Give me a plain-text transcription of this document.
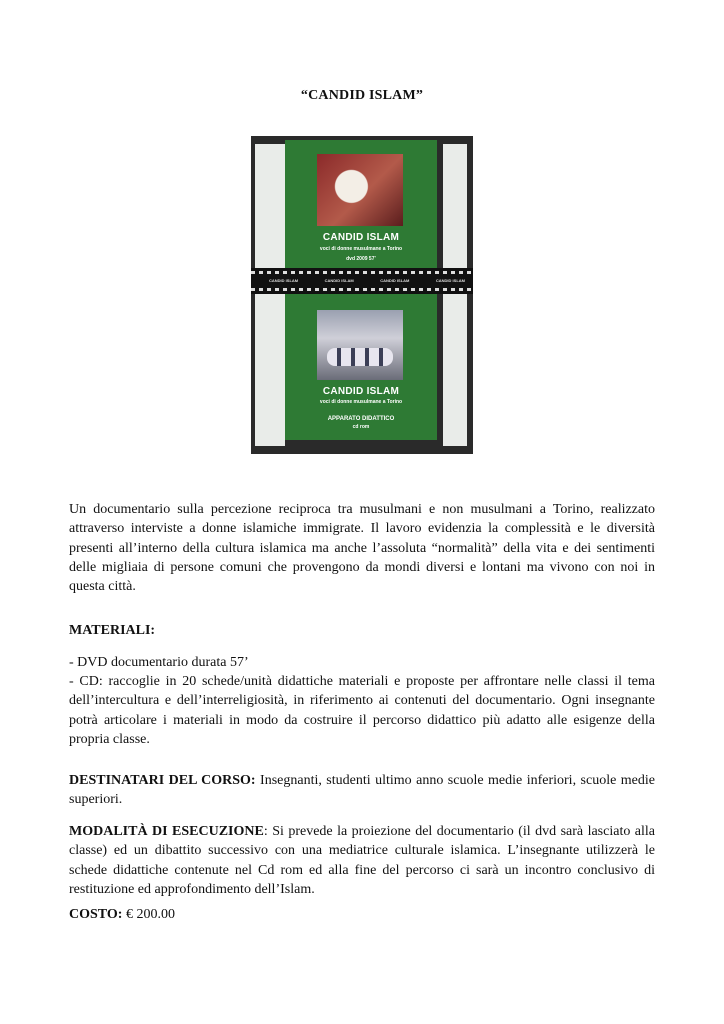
“CANDID ISLAM”
CANDID ISLAM
voci di donne musulmane a Torino
dvd 2009 57’
CANDID ISLAM	CANDID ISLAM	CANDID ISLAM	CANDID ISLAM
CANDID ISLAM
voci di donne musulmane a Torino
APPARATO DIDATTICO
cd rom
Un documentario sulla percezione reciproca tra musulmani e non musulmani a Torino, realizzato attraverso interviste a donne islamiche immigrate. Il lavoro evidenzia la complessità e le diversità presenti all’interno della cultura islamica ma anche l’assoluta “normalità” della vita e dei sentimenti delle migliaia di persone comuni che provengono da mondi diversi e lontani ma vivono con noi in questa città.
MATERIALI:
- DVD documentario durata 57’
- CD: raccoglie in 20 schede/unità didattiche materiali e proposte per affrontare nelle classi il tema dell’intercultura e dell’interreligiosità, in riferimento ai contenuti del documentario. Ogni insegnante potrà articolare i materiali in modo da costruire il percorso didattico più adatto alle esigenze della propria classe.
DESTINATARI DEL CORSO: Insegnanti, studenti ultimo anno scuole medie inferiori, scuole medie superiori.
MODALITÀ DI ESECUZIONE: Si prevede la proiezione del documentario (il dvd sarà lasciato alla classe) ed un dibattito successivo con una mediatrice culturale islamica. L’insegnante utilizzerà le schede didattiche contenute nel Cd rom ed alla fine del percorso ci sarà un incontro conclusivo di restituzione ed approfondimento dell’Islam.
COSTO: € 200.00
